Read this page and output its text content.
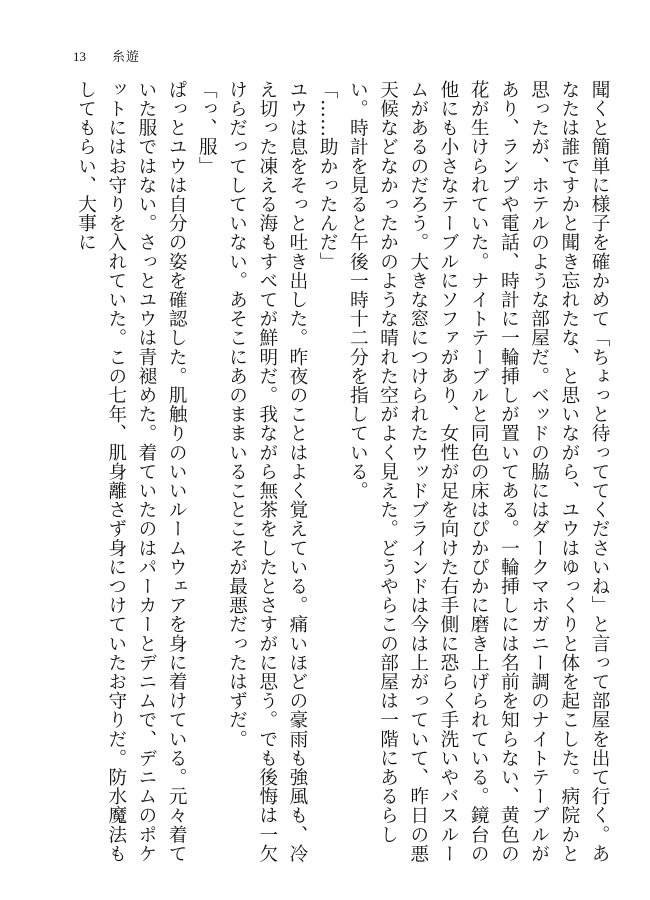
13 糸遊

聞くと簡単に様子を確かめて「ちょっと待っててくださいね」と言って部屋を出て行く。あなたは誰ですかと聞き忘れたな、と思いながら、ユウはゆっくりと体を起こした。病院かと思ったが、ホテルのような部屋だ。ベッドの脇にはダークマホガニー調のナイトテーブルがあり、ランプや電話、時計に一輪挿しが置いてある。一輪挿しには名前を知らない、黄色の花が生けられていた。ナイトテーブルと同色の床はぴかぴかに磨き上げられている。鏡台の他にも小さなテーブルにソファがあり、女性が足を向けた右手側に恐らく手洗いやバスルームがあるのだろう。大きな窓につけられたウッドブラインドは今は上がっていて、昨日の悪天候などなかったかのような晴れた空がよく見えた。どうやらこの部屋は一階にあるらしい。時計を見ると午後一時十二分を指している。

「……助かったんだ」

ユウは息をそっと吐き出した。昨夜のことはよく覚えている。痛いほどの豪雨も強風も、冷え切った凍える海もすべてが鮮明だ。我ながら無茶をしたとさすがに思う。でも後悔は一欠けらだってしていない。あそこにあのままいることこそが最悪だったはずだ。

「っ、服」

ぱっとユウは自分の姿を確認した。肌触りのいいルームウェアを身に着けている。元々着ていた服ではない。さっとユウは青褪めた。着ていたのはパーカーとデニムで、デニムのポケットにはお守りを入れていた。この七年、肌身離さず身につけていたお守りだ。防水魔法もしてもらい、大事に
